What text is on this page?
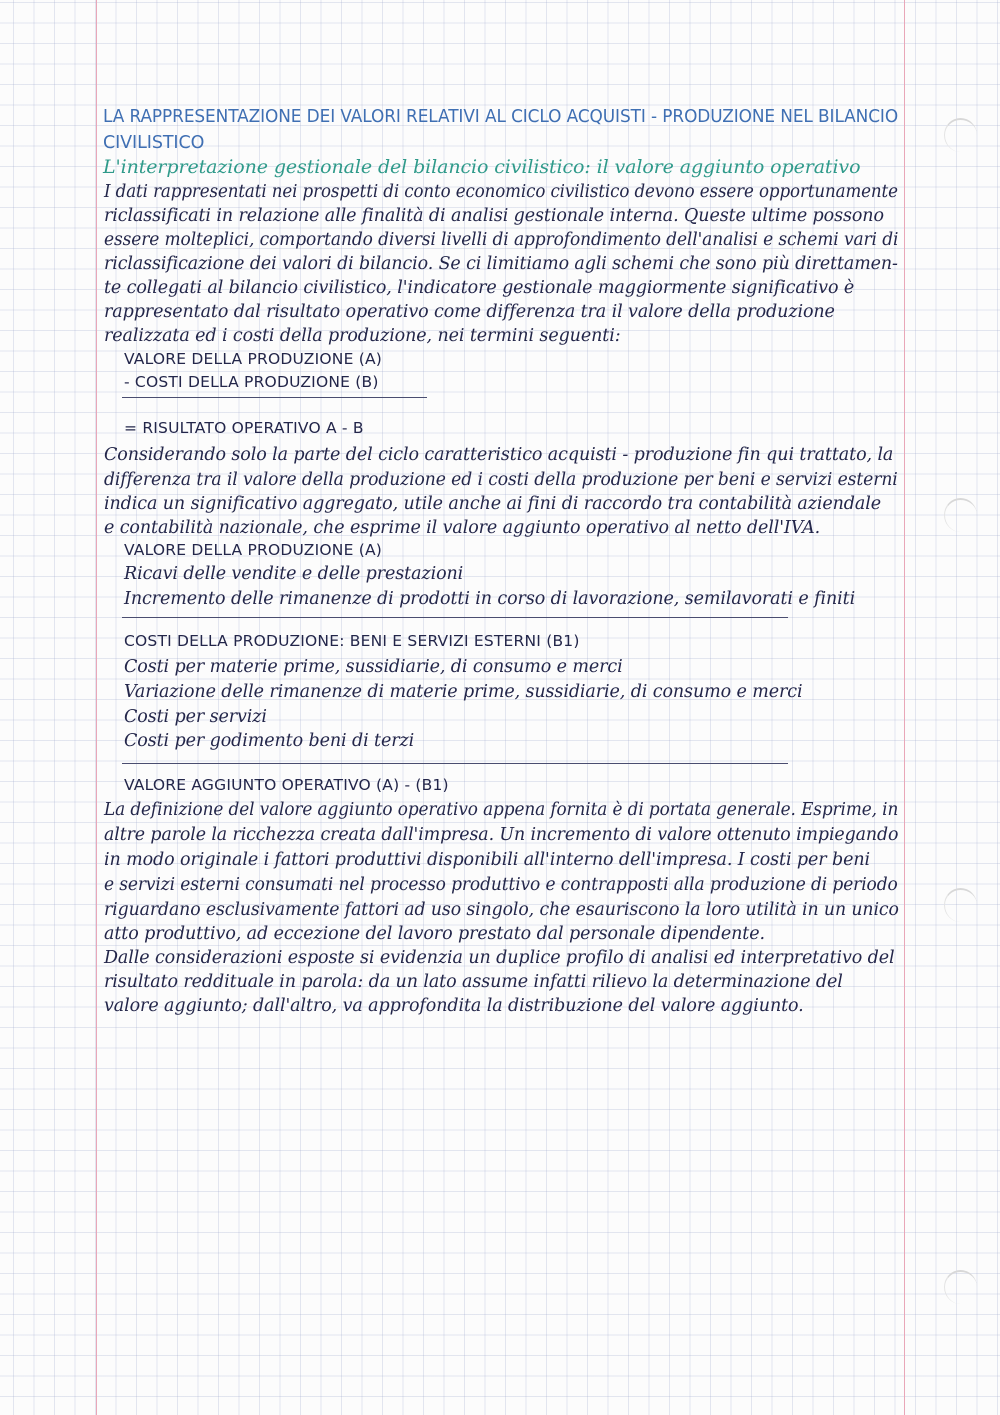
LA RAPPRESENTAZIONE DEI VALORI RELATIVI AL CICLO ACQUISTI - PRODUZIONE NEL BILANCIO
CIVILISTICO
L'interpretazione gestionale del bilancio civilistico: il valore aggiunto operativo
I dati rappresentati nei prospetti di conto economico civilistico devono essere opportunamente
riclassificati in relazione alle finalità di analisi gestionale interna. Queste ultime possono
essere molteplici, comportando diversi livelli di approfondimento dell'analisi e schemi vari di
riclassificazione dei valori di bilancio. Se ci limitiamo agli schemi che sono più direttamen-
te collegati al bilancio civilistico, l'indicatore gestionale maggiormente significativo è
rappresentato dal risultato operativo come differenza tra il valore della produzione
realizzata ed i costi della produzione, nei termini seguenti:
VALORE DELLA PRODUZIONE (A)
- COSTI DELLA PRODUZIONE (B)
= RISULTATO OPERATIVO A - B
Considerando solo la parte del ciclo caratteristico acquisti - produzione fin qui trattato, la
differenza tra il valore della produzione ed i costi della produzione per beni e servizi esterni
indica un significativo aggregato, utile anche ai fini di raccordo tra contabilità aziendale
e contabilità nazionale, che esprime il valore aggiunto operativo al netto dell'IVA.
VALORE DELLA PRODUZIONE (A)
Ricavi delle vendite e delle prestazioni
Incremento delle rimanenze di prodotti in corso di lavorazione, semilavorati e finiti
COSTI DELLA PRODUZIONE: BENI E SERVIZI ESTERNI (B1)
Costi per materie prime, sussidiarie, di consumo e merci
Variazione delle rimanenze di materie prime, sussidiarie, di consumo e merci
Costi per servizi
Costi per godimento beni di terzi
VALORE AGGIUNTO OPERATIVO (A) - (B1)
La definizione del valore aggiunto operativo appena fornita è di portata generale. Esprime, in
altre parole la ricchezza creata dall'impresa. Un incremento di valore ottenuto impiegando
in modo originale i fattori produttivi disponibili all'interno dell'impresa. I costi per beni
e servizi esterni consumati nel processo produttivo e contrapposti alla produzione di periodo
riguardano esclusivamente fattori ad uso singolo, che esauriscono la loro utilità in un unico
atto produttivo, ad eccezione del lavoro prestato dal personale dipendente.
Dalle considerazioni esposte si evidenzia un duplice profilo di analisi ed interpretativo del
risultato reddituale in parola: da un lato assume infatti rilievo la determinazione del
valore aggiunto; dall'altro, va approfondita la distribuzione del valore aggiunto.
